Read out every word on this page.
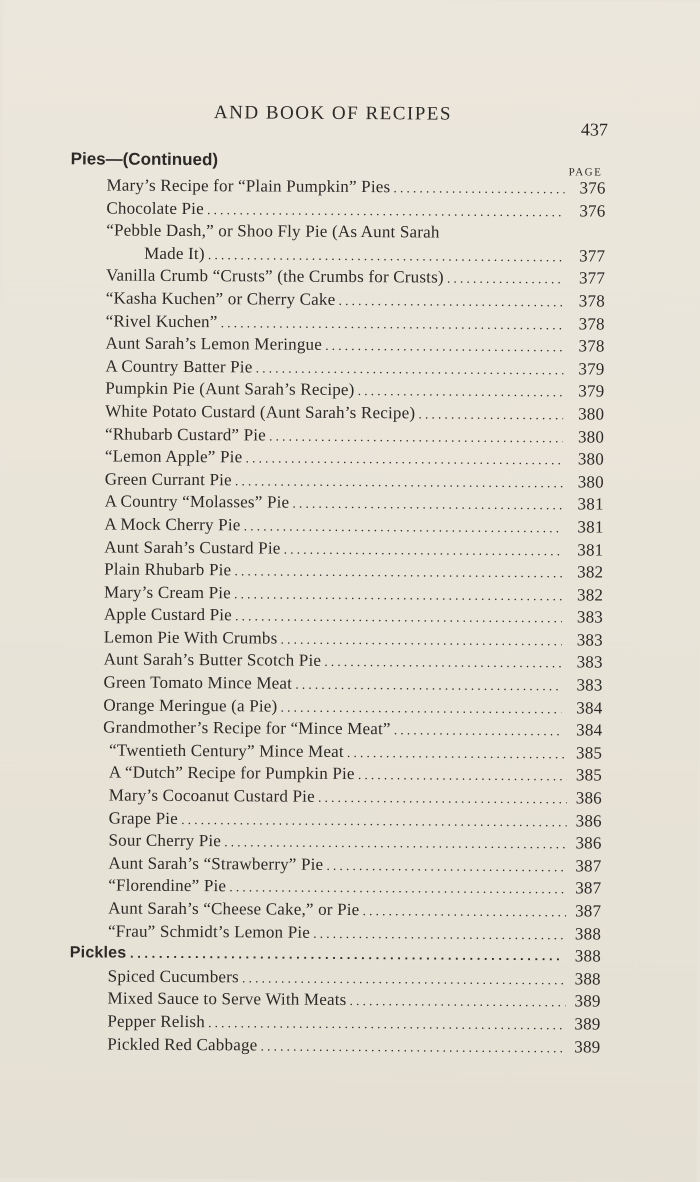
AND BOOK OF RECIPES
437
Pies—(Continued)
PAGE
Mary’s Recipe for “Plain Pumpkin” Pies . . .	376
Chocolate Pie . . .	376
“Pebble Dash,” or Shoo Fly Pie (As Aunt Sarah
Made It) . . .	377
Vanilla Crumb “Crusts” (the Crumbs for Crusts) . . .	377
“Kasha Kuchen” or Cherry Cake . . .	378
“Rivel Kuchen” . . .	378
Aunt Sarah’s Lemon Meringue . . .	378
A Country Batter Pie . . .	379
Pumpkin Pie (Aunt Sarah’s Recipe) . . .	379
White Potato Custard (Aunt Sarah’s Recipe) . . .	380
“Rhubarb Custard” Pie . . .	380
“Lemon Apple” Pie . . .	380
Green Currant Pie . . .	380
A Country “Molasses” Pie . . .	381
A Mock Cherry Pie . . .	381
Aunt Sarah’s Custard Pie . . .	381
Plain Rhubarb Pie . . .	382
Mary’s Cream Pie . . .	382
Apple Custard Pie . . .	383
Lemon Pie With Crumbs . . .	383
Aunt Sarah’s Butter Scotch Pie . . .	383
Green Tomato Mince Meat . . .	383
Orange Meringue (a Pie) . . .	384
Grandmother’s Recipe for “Mince Meat” . . .	384
“Twentieth Century” Mince Meat . . .	385
A “Dutch” Recipe for Pumpkin Pie . . .	385
Mary’s Cocoanut Custard Pie . . .	386
Grape Pie . . .	386
Sour Cherry Pie . . .	386
Aunt Sarah’s “Strawberry” Pie . . .	387
“Florendine” Pie . . .	387
Aunt Sarah’s “Cheese Cake,” or Pie . . .	387
“Frau” Schmidt’s Lemon Pie . . .	388
Pickles . . .	388
Spiced Cucumbers . . .	388
Mixed Sauce to Serve With Meats . . .	389
Pepper Relish . . .	389
Pickled Red Cabbage . . .	389
